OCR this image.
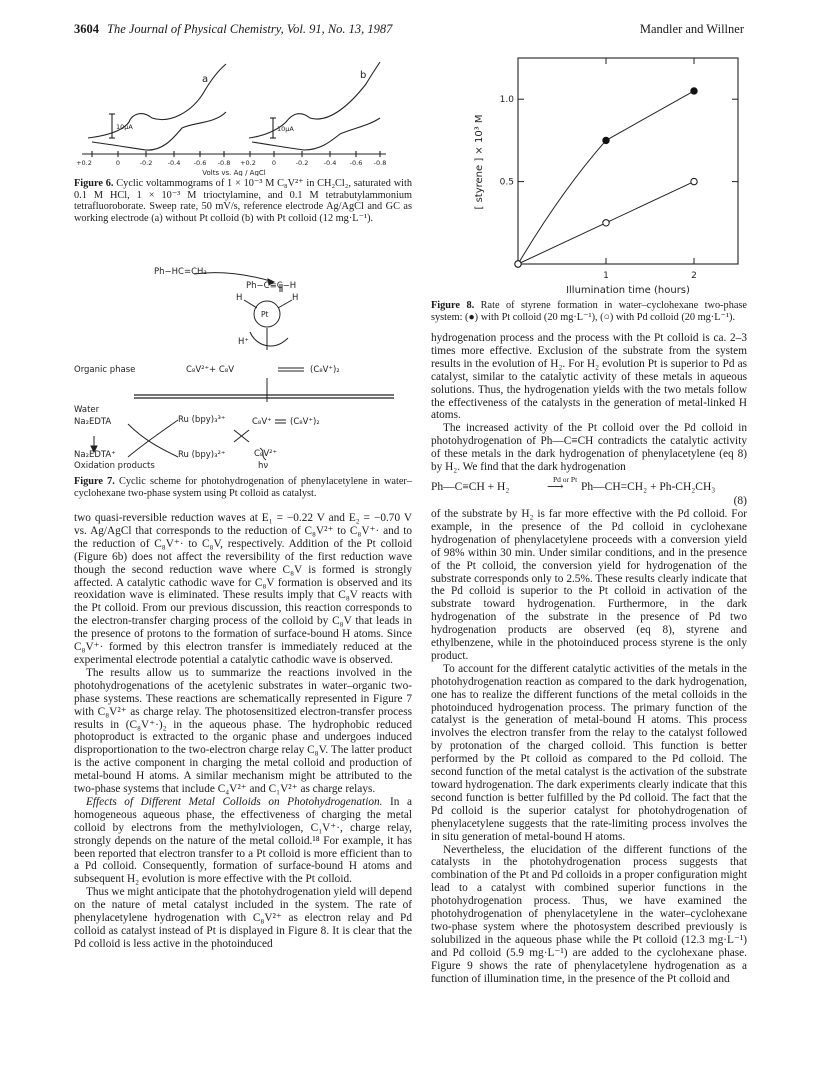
3604 The Journal of Physical Chemistry, Vol. 91, No. 13, 1987	Mandler and Willner
a	b
10μA	10μA
+0.2	0	-0.2 -0.4 -0.6 -0.8 +0.2 0	-0.2 -0.4 -0.6 -0.8
Volts vs. Ag / AgCl

Figure 6. Cyclic voltammograms of 1 × 10⁻³ M C₈V²⁺ in CH₂Cl₂, saturated with 0.1 M HCl, 1 × 10⁻³ M trioctylamine, and 0.1 M tetrabutylammonium tetrafluoroborate. Sweep rate, 50 mV/s, reference electrode Ag/AgCl and GC as working electrode (a) without Pt colloid (b) with Pt colloid (12 mg·L⁻¹).

Ph−HC=CH₂
Ph−C≡C−H
H	H
Pt
H⁺
Organic phase	C₈V²⁺+ C₈V	(C₈V⁺)₂
Water
Na₂EDTA	Ru (bpy)₃³⁺	C₈V⁺ (C₈V⁺)₂
Na₂EDTA⁺	Ru (bpy)₃²⁺	C₈V²⁺
Oxidation products	hν

Figure 7. Cyclic scheme for photohydrogenation of phenylacetylene in water–cyclohexane two-phase system using Pt colloid as catalyst.

two quasi-reversible reduction waves at E₁ = −0.22 V and E₂ = −0.70 V vs. Ag/AgCl that corresponds to the reduction of C₈V²⁺ to C₈V⁺· and to the reduction of C₈V⁺· to C₈V, respectively. Addition of the Pt colloid (Figure 6b) does not affect the reversibility of the first reduction wave though the second reduction wave where C₈V is formed is strongly affected. A catalytic cathodic wave for C₈V formation is observed and its reoxidation wave is eliminated. These results imply that C₈V reacts with the Pt colloid. From our previous discussion, this reaction corresponds to the electron-transfer charging process of the colloid by C₈V that leads in the presence of protons to the formation of surface-bound H atoms. Since C₈V⁺· formed by this electron transfer is immediately reduced at the experimental electrode potential a catalytic cathodic wave is observed.

The results allow us to summarize the reactions involved in the photohydrogenations of the acetylenic substrates in water–organic two-phase systems. These reactions are schematically represented in Figure 7 with C₈V²⁺ as charge relay. The photosensitized electron-transfer process results in (C₈V⁺·)₂ in the aqueous phase. The hydrophobic reduced photoproduct is extracted to the organic phase and undergoes induced disproportionation to the two-electron charge relay C₈V. The latter product is the active component in charging the metal colloid and production of metal-bound H atoms. A similar mechanism might be attributed to the two-phase systems that include C₄V²⁺ and C₁V²⁺ as charge relays.

Effects of Different Metal Colloids on Photohydrogenation. In a homogeneous aqueous phase, the effectiveness of charging the metal colloid by electrons from the methylviologen, C₁V⁺·, charge relay, strongly depends on the nature of the metal colloid.¹⁸ For example, it has been reported that electron transfer to a Pt colloid is more efficient than to a Pd colloid. Consequently, formation of surface-bound H atoms and subsequent H₂ evolution is more effective with the Pt colloid.

Thus we might anticipate that the photohydrogenation yield will depend on the nature of metal catalyst included in the system. The rate of phenylacetylene hydrogenation with C₈V²⁺ as electron relay and Pd colloid as catalyst instead of Pt is displayed in Figure 8. It is clear that the Pd colloid is less active in the photoinduced

1	2
0.5
1.0
Illumination time (hours)
[ styrene ] × 10³ M

Figure 8. Rate of styrene formation in water–cyclohexane two-phase system: (●) with Pt colloid (20 mg·L⁻¹), (○) with Pd colloid (20 mg·L⁻¹).

hydrogenation process and the process with the Pt colloid is ca. 2–3 times more effective. Exclusion of the substrate from the system results in the evolution of H₂. For H₂ evolution Pt is superior to Pd as catalyst, similar to the catalytic activity of these metals in aqueous solutions. Thus, the hydrogenation yields with the two metals follow the effectiveness of the catalysts in the generation of metal-linked H atoms.

The increased activity of the Pt colloid over the Pd colloid in photohydrogenation of Ph—C≡CH contradicts the catalytic activity of these metals in the dark hydrogenation of phenylacetylene (eq 8) by H₂. We find that the dark hydrogenation

Ph—C≡CH + H₂
Pd or Pt
⟶ Ph—CH=CH₂ + Ph-CH₂CH₃
(8)

of the substrate by H₂ is far more effective with the Pd colloid. For example, in the presence of the Pd colloid in cyclohexane hydrogenation of phenylacetylene proceeds with a conversion yield of 98% within 30 min. Under similar conditions, and in the presence of the Pt colloid, the conversion yield for hydrogenation of the substrate corresponds only to 2.5%. These results clearly indicate that the Pd colloid is superior to the Pt colloid in activation of the substrate toward hydrogenation. Furthermore, in the dark hydrogenation of the substrate in the presence of Pd two hydrogenation products are observed (eq 8), styrene and ethylbenzene, while in the photoinduced process styrene is the only product.

To account for the different catalytic activities of the metals in the photohydrogenation reaction as compared to the dark hydrogenation, one has to realize the different functions of the metal colloids in the photoinduced hydrogenation process. The primary function of the catalyst is the generation of metal-bound H atoms. This process involves the electron transfer from the relay to the catalyst followed by protonation of the charged colloid. This function is better performed by the Pt colloid as compared to the Pd colloid. The second function of the metal catalyst is the activation of the substrate toward hydrogenation. The dark experiments clearly indicate that this second function is better fulfilled by the Pd colloid. The fact that the Pd colloid is the superior catalyst for photohydrogenation of phenylacetylene suggests that the rate-limiting process involves the in situ generation of metal-bound H atoms.

Nevertheless, the elucidation of the different functions of the catalysts in the photohydrogenation process suggests that combination of the Pt and Pd colloids in a proper configuration might lead to a catalyst with combined superior functions in the photohydrogenation process. Thus, we have examined the photohydrogenation of phenylacetylene in the water–cyclohexane two-phase system where the photosystem described previously is solubilized in the aqueous phase while the Pt colloid (12.3 mg·L⁻¹) and Pd colloid (5.9 mg·L⁻¹) are added to the cyclohexane phase. Figure 9 shows the rate of phenylacetylene hydrogenation as a function of illumination time, in the presence of the Pt colloid and
